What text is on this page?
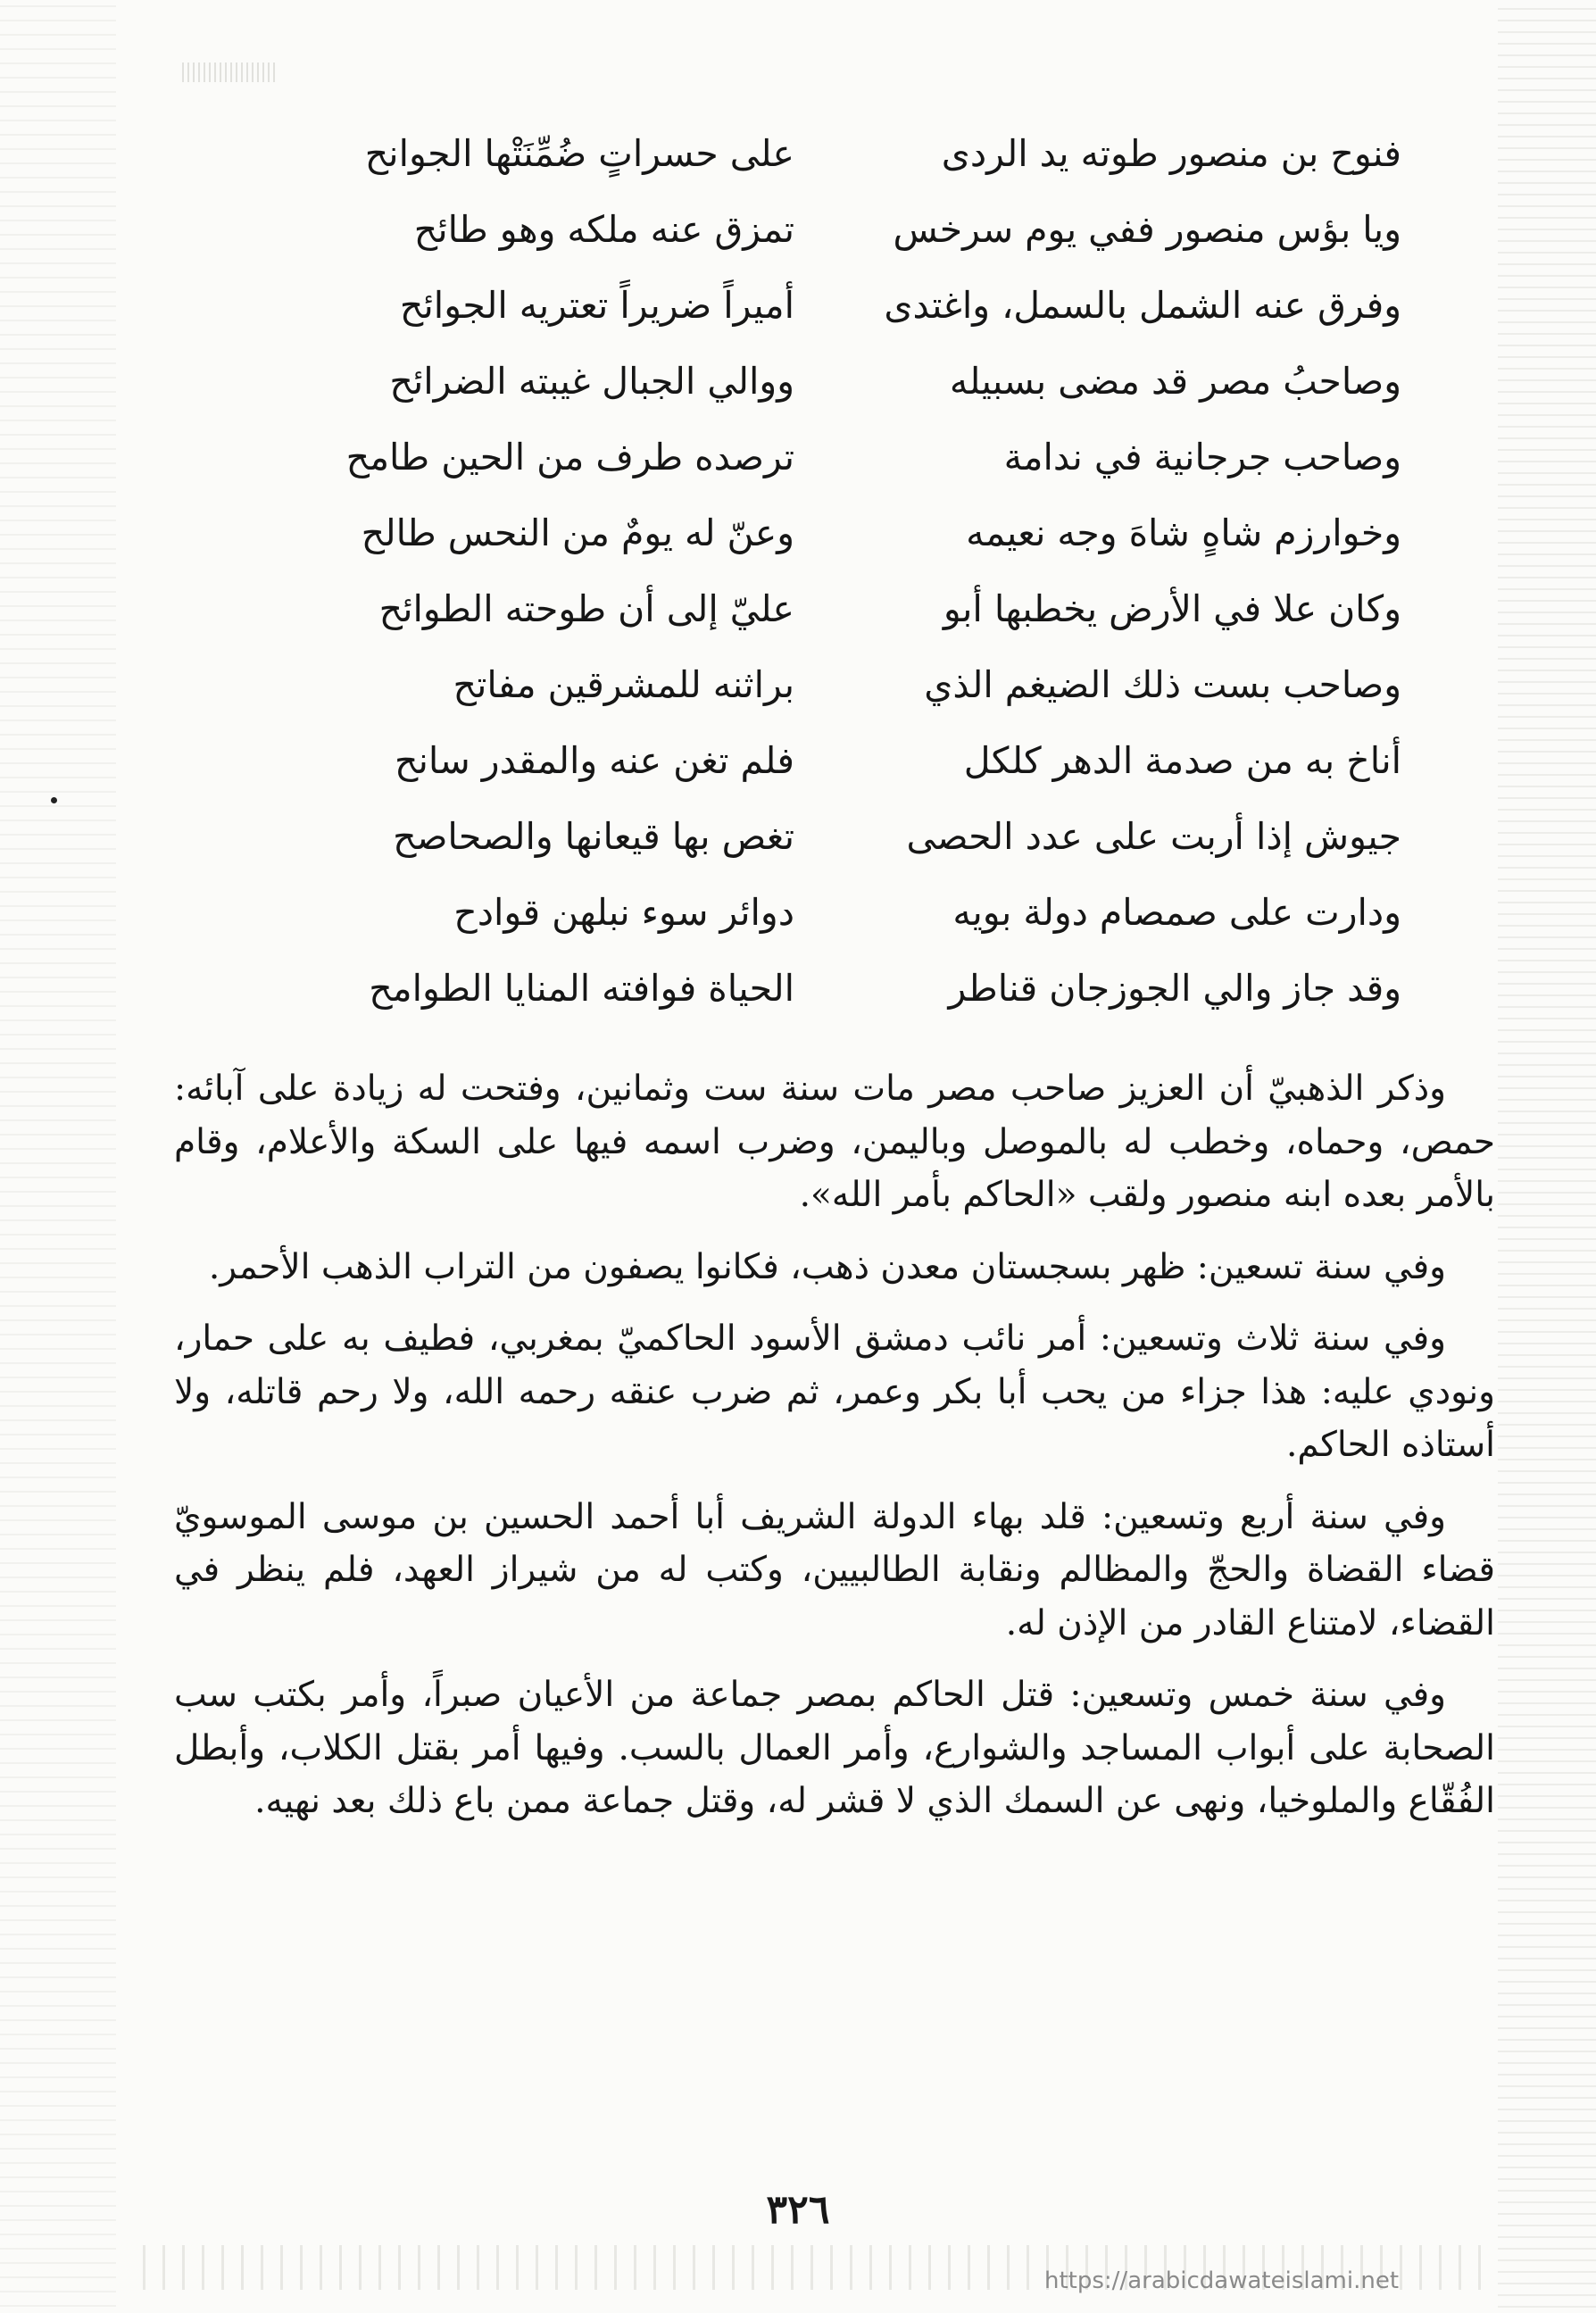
فنوح بن منصور طوته يد الردى
على حسراتٍ ضُمِّنَتْها الجوانح
ويا بؤس منصور ففي يوم سرخس
تمزق عنه ملكه وهو طائح
وفرق عنه الشمل بالسمل، واغتدى
أميراً ضريراً تعتريه الجوائح
وصاحبُ مصر قد مضى بسبيله
ووالي الجبال غيبته الضرائح
وصاحب جرجانية في ندامة
ترصده طرف من الحين طامح
وخوارزم شاهٍ شاهَ وجه نعيمه
وعنّ له يومٌ من النحس طالح
وكان علا في الأرض يخطبها أبو
عليّ إلى أن طوحته الطوائح
وصاحب بست ذلك الضيغم الذي
براثنه للمشرقين مفاتح
أناخ به من صدمة الدهر كلكل
فلم تغن عنه والمقدر سانح
جيوش إذا أربت على عدد الحصى
تغص بها قيعانها والصحاصح
ودارت على صمصام دولة بويه
دوائر سوء نبلهن قوادح
وقد جاز والي الجوزجان قناطر
الحياة فوافته المنايا الطوامح

وذكر الذهبيّ أن العزيز صاحب مصر مات سنة ست وثمانين، وفتحت له زيادة على آبائه: حمص، وحماه، وخطب له بالموصل وباليمن، وضرب اسمه فيها على السكة والأعلام، وقام بالأمر بعده ابنه منصور ولقب «الحاكم بأمر الله».

وفي سنة تسعين: ظهر بسجستان معدن ذهب، فكانوا يصفون من التراب الذهب الأحمر.

وفي سنة ثلاث وتسعين: أمر نائب دمشق الأسود الحاكميّ بمغربي، فطيف به على حمار، ونودي عليه: هذا جزاء من يحب أبا بكر وعمر، ثم ضرب عنقه رحمه الله، ولا رحم قاتله، ولا أستاذه الحاكم.

وفي سنة أربع وتسعين: قلد بهاء الدولة الشريف أبا أحمد الحسين بن موسى الموسويّ قضاء القضاة والحجّ والمظالم ونقابة الطالبيين، وكتب له من شيراز العهد، فلم ينظر في القضاء، لامتناع القادر من الإذن له.

وفي سنة خمس وتسعين: قتل الحاكم بمصر جماعة من الأعيان صبراً، وأمر بكتب سب الصحابة على أبواب المساجد والشوارع، وأمر العمال بالسب. وفيها أمر بقتل الكلاب، وأبطل الفُقّاع والملوخيا، ونهى عن السمك الذي لا قشر له، وقتل جماعة ممن باع ذلك بعد نهيه.

٣٢٦
https://arabicdawateislami.net
